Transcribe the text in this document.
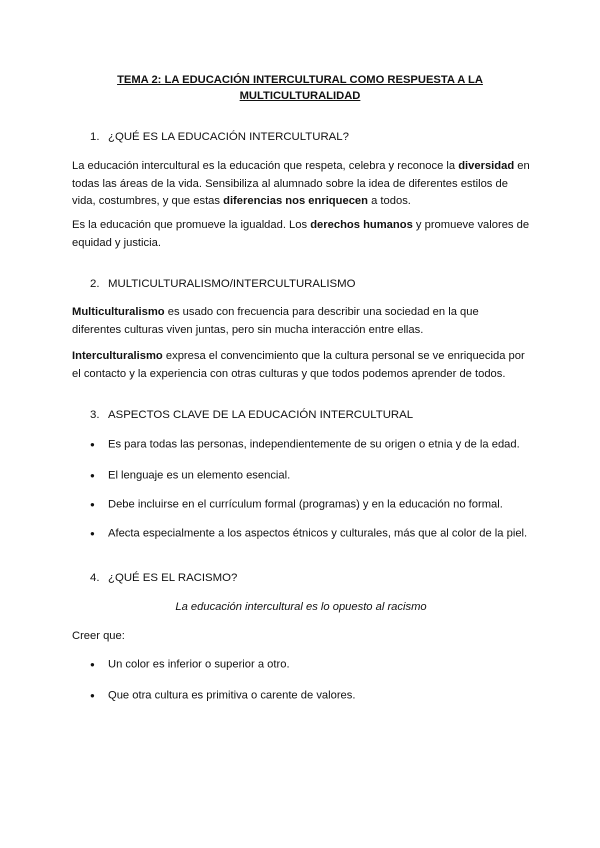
TEMA 2: LA EDUCACIÓN INTERCULTURAL COMO RESPUESTA A LA
MULTICULTURALIDAD
1. ¿QUÉ ES LA EDUCACIÓN INTERCULTURAL?
La educación intercultural es la educación que respeta, celebra y reconoce la diversidad en todas las áreas de la vida. Sensibiliza al alumnado sobre la idea de diferentes estilos de vida, costumbres, y que estas diferencias nos enriquecen a todos.
Es la educación que promueve la igualdad. Los derechos humanos y promueve valores de equidad y justicia.
2. MULTICULTURALISMO/INTERCULTURALISMO
Multiculturalismo es usado con frecuencia para describir una sociedad en la que diferentes culturas viven juntas, pero sin mucha interacción entre ellas.
Interculturalismo expresa el convencimiento que la cultura personal se ve enriquecida por el contacto y la experiencia con otras culturas y que todos podemos aprender de todos.
3. ASPECTOS CLAVE DE LA EDUCACIÓN INTERCULTURAL
● Es para todas las personas, independientemente de su origen o etnia y de la edad.
● El lenguaje es un elemento esencial.
● Debe incluirse en el currículum formal (programas) y en la educación no formal.
● Afecta especialmente a los aspectos étnicos y culturales, más que al color de la piel.
4. ¿QUÉ ES EL RACISMO?
La educación intercultural es lo opuesto al racismo
Creer que:
● Un color es inferior o superior a otro.
● Que otra cultura es primitiva o carente de valores.
